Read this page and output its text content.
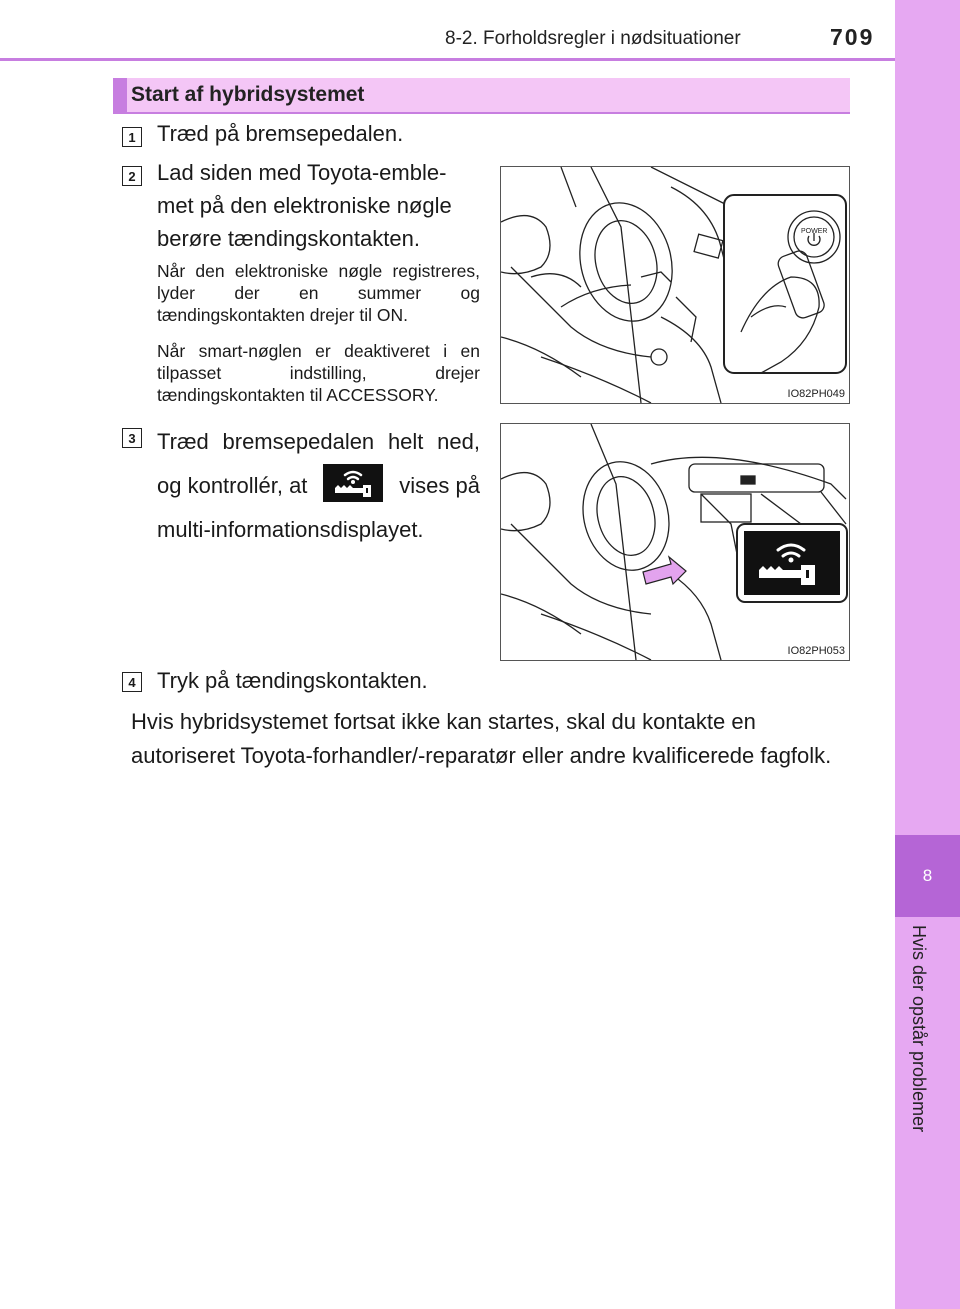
8-2. Forholdsregler i nødsituationer	709
8
Hvis der opstår problemer
Start af hybridsystemet
1 Træd på bremsepedalen.
2 Lad siden med Toyota-emble-
met på den elektroniske nøgle
berøre tændingskontakten.
Når den elektroniske nøgle registreres, lyder der en summer og tændingskontakten drejer til ON.
Når smart-nøglen er deaktiveret i en tilpasset indstilling, drejer tændingskontakten til ACCESSORY.
POWER
IO82PH049
3 Træd bremsepedalen helt ned,
og kontrollér, at	vises på
multi-informationsdisplayet.
IO82PH053
4 Tryk på tændingskontakten.
Hvis hybridsystemet fortsat ikke kan startes, skal du kontakte en autoriseret Toyota-forhandler/-reparatør eller andre kvalificerede fagfolk.
